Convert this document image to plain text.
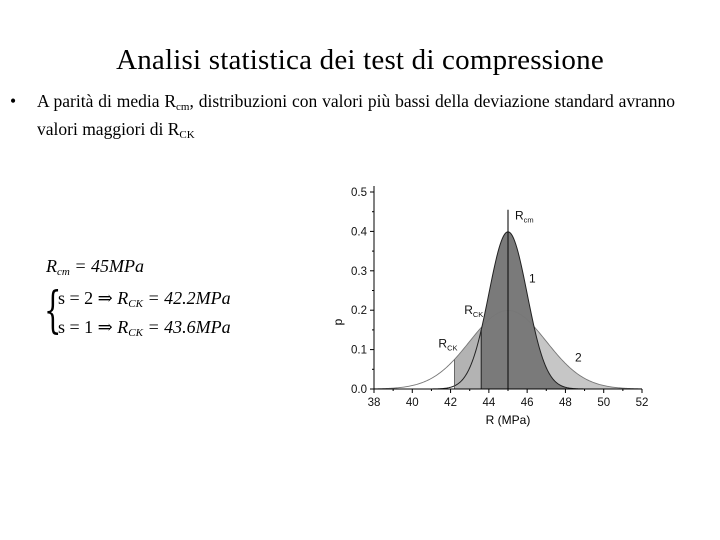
Analisi statistica dei test di compressione
• A parità di media $R_{cm}$, distribuzioni con valori più bassi della deviazione standard avranno valori maggiori di $R_{CK}$
$R_{cm} = 45MPa$
{
s = 2 ⇒ $R_{CK} = 42.2MPa$
s = 1 ⇒ $R_{CK} = 43.6MPa$
38 40 42 44 46 48 50 52
0.0
0.1
0.2
0.3
0.4
0.5
R (MPa)
p
$R_{cm}$
$R_{CK}$
$R_{CK}$
1
2
